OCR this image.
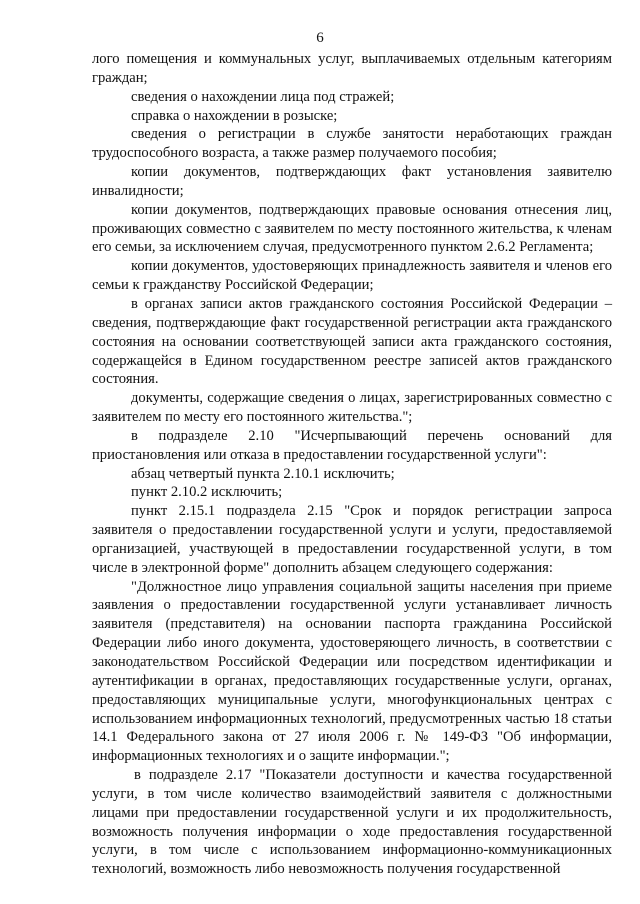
6

лого помещения и коммунальных услуг, выплачиваемых отдельным категориям граждан;

сведения о нахождении лица под стражей;

справка о нахождении в розыске;

сведения о регистрации в службе занятости неработающих граждан трудоспособного возраста, а также размер получаемого пособия;

копии документов, подтверждающих факт установления заявителю инвалидности;

копии документов, подтверждающих правовые основания отнесения лиц, проживающих совместно с заявителем по месту постоянного жительства, к членам его семьи, за исключением случая, предусмотренного пунктом 2.6.2 Регламента;

копии документов, удостоверяющих принадлежность заявителя и членов его семьи к гражданству Российской Федерации;

в органах записи актов гражданского состояния Российской Федерации – сведения, подтверждающие факт государственной регистрации акта гражданского состояния на основании соответствующей записи акта гражданского состояния, содержащейся в Едином государственном реестре записей актов гражданского состояния.

документы, содержащие сведения о лицах, зарегистрированных совместно с заявителем по месту его постоянного жительства.";

в подразделе 2.10 "Исчерпывающий перечень оснований для приостановления или отказа в предоставлении государственной услуги":

абзац четвертый пункта 2.10.1 исключить;

пункт 2.10.2 исключить;

пункт 2.15.1 подраздела 2.15 "Срок и порядок регистрации запроса заявителя о предоставлении государственной услуги и услуги, предоставляемой организацией, участвующей в предоставлении государственной услуги, в том числе в электронной форме" дополнить абзацем следующего содержания:

"Должностное лицо управления социальной защиты населения при приеме заявления о предоставлении государственной услуги устанавливает личность заявителя (представителя) на основании паспорта гражданина Российской Федерации либо иного документа, удостоверяющего личность, в соответствии с законодательством Российской Федерации или посредством идентификации и аутентификации в органах, предоставляющих государственные услуги, органах, предоставляющих муниципальные услуги, многофункциональных центрах с использованием информационных технологий, предусмотренных частью 18 статьи 14.1 Федерального закона от 27 июля 2006 г. № 149-ФЗ "Об информации, информационных технологиях и о защите информации.";

в подразделе 2.17 "Показатели доступности и качества государственной услуги, в том числе количество взаимодействий заявителя с должностными лицами при предоставлении государственной услуги и их продолжительность, возможность получения информации о ходе предоставления государственной услуги, в том числе с использованием информационно-коммуникационных технологий, возможность либо невозможность получения государственной
